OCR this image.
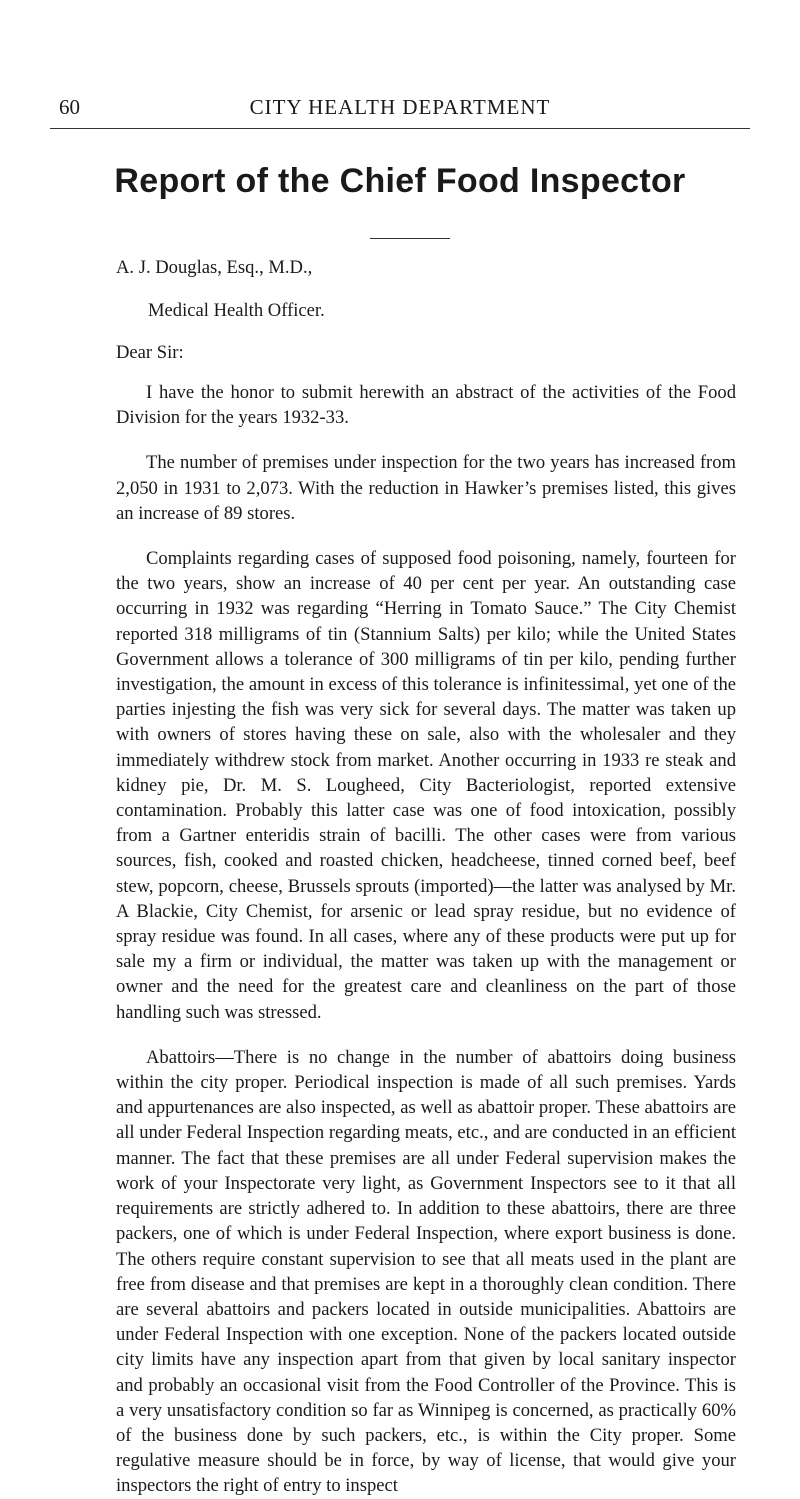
60	CITY HEALTH DEPARTMENT
Report of the Chief Food Inspector
A. J. Douglas, Esq., M.D.,
Medical Health Officer.
Dear Sir:

I have the honor to submit herewith an abstract of the activities of the Food Division for the years 1932-33.

The number of premises under inspection for the two years has increased from 2,050 in 1931 to 2,073. With the reduction in Hawker’s premises listed, this gives an increase of 89 stores.

Complaints regarding cases of supposed food poisoning, namely, fourteen for the two years, show an increase of 40 per cent per year. An outstanding case occurring in 1932 was regarding “Herring in Tomato Sauce.” The City Chemist reported 318 milligrams of tin (Stannium Salts) per kilo; while the United States Government allows a tolerance of 300 milligrams of tin per kilo, pending further investigation, the amount in excess of this tolerance is infinitessimal, yet one of the parties injesting the fish was very sick for several days. The matter was taken up with owners of stores having these on sale, also with the wholesaler and they immediately withdrew stock from market. Another occurring in 1933 re steak and kidney pie, Dr. M. S. Lougheed, City Bacteriologist, reported extensive contamination. Probably this latter case was one of food intoxication, possibly from a Gartner enteridis strain of bacilli. The other cases were from various sources, fish, cooked and roasted chicken, headcheese, tinned corned beef, beef stew, popcorn, cheese, Brussels sprouts (imported)—the latter was analysed by Mr. A Blackie, City Chemist, for arsenic or lead spray residue, but no evidence of spray residue was found. In all cases, where any of these products were put up for sale my a firm or individual, the matter was taken up with the management or owner and the need for the greatest care and cleanliness on the part of those handling such was stressed.

Abattoirs—There is no change in the number of abattoirs doing business within the city proper. Periodical inspection is made of all such premises. Yards and appurtenances are also inspected, as well as abattoir proper. These abattoirs are all under Federal Inspection regarding meats, etc., and are conducted in an efficient manner. The fact that these premises are all under Federal supervision makes the work of your Inspectorate very light, as Government Inspectors see to it that all requirements are strictly adhered to. In addition to these abattoirs, there are three packers, one of which is under Federal Inspection, where export business is done. The others require constant supervision to see that all meats used in the plant are free from disease and that premises are kept in a thoroughly clean condition. There are several abattoirs and packers located in outside municipalities. Abattoirs are under Federal Inspection with one exception. None of the packers located outside city limits have any inspection apart from that given by local sanitary inspector and probably an occasional visit from the Food Controller of the Province. This is a very unsatisfactory condition so far as Winnipeg is concerned, as practically 60% of the business done by such packers, etc., is within the City proper. Some regulative measure should be in force, by way of license, that would give your inspectors the right of entry to inspect
